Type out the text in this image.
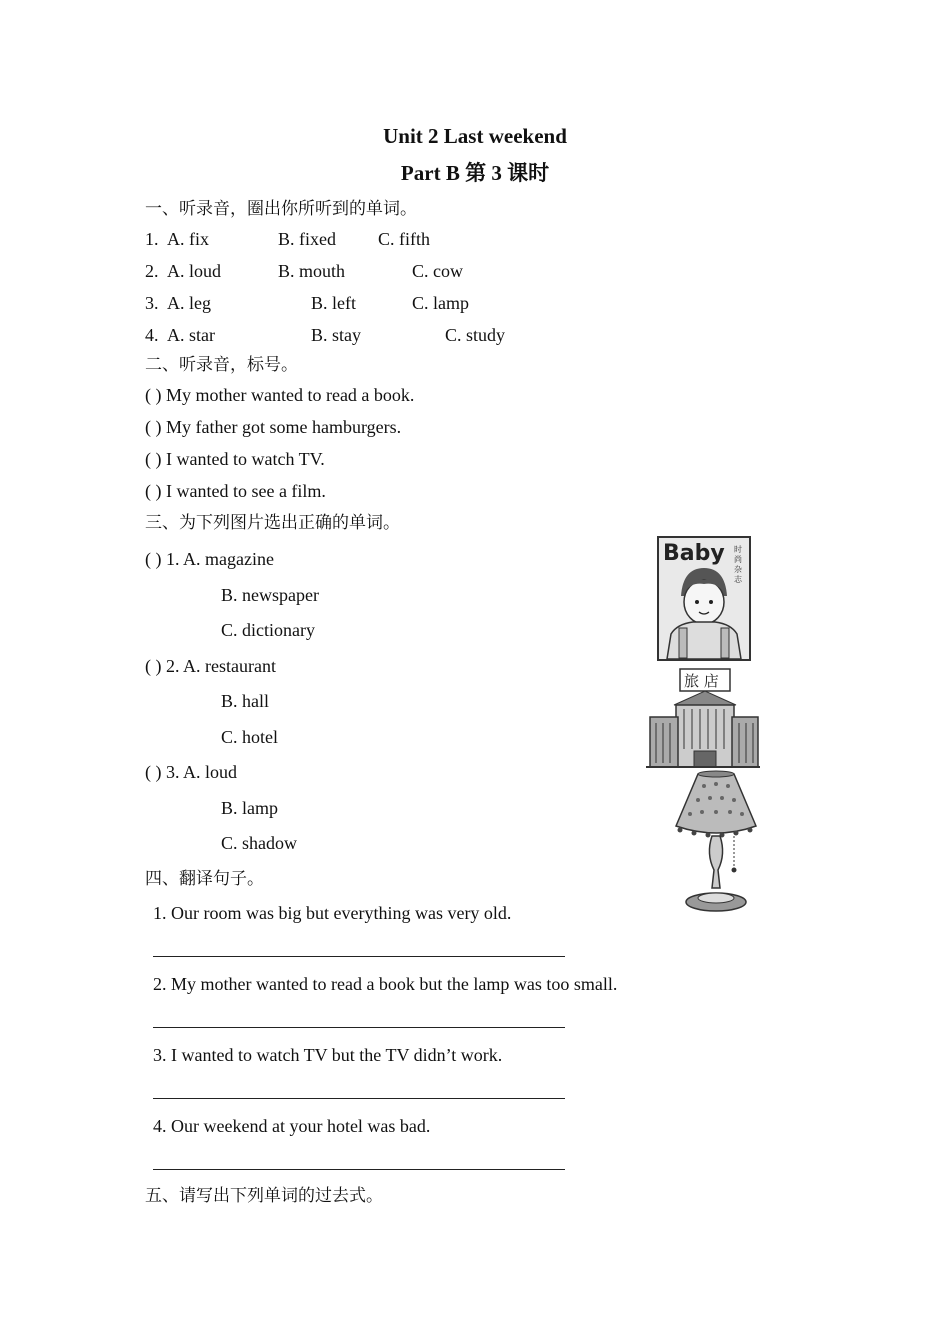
Unit 2 Last weekend
Part B 第 3 课时
一、听录音，圈出你所听到的单词。
1. A. fix	B. fixed C. fifth
2. A. loud	B. mouth	C. cow
3. A. leg	B. left	C. lamp
4. A. star	B. stay	C. study
二、听录音，标号。
( ) My mother wanted to read a book.
( ) My father got some hamburgers.
( ) I wanted to watch TV.
( ) I wanted to see a film.
三、为下列图片选出正确的单词。
( ) 1. A. magazine
B. newspaper
C. dictionary
( ) 2. A. restaurant
B. hall
C. hotel
( ) 3. A. loud
B. lamp
C. shadow
Baby 时
尚
杂
志
旅 店
四、翻译句子。
1. Our room was big but everything was very old.
2. My mother wanted to read a book but the lamp was too small.
3. I wanted to watch TV but the TV didn’t work.
4. Our weekend at your hotel was bad.
五、请写出下列单词的过去式。
